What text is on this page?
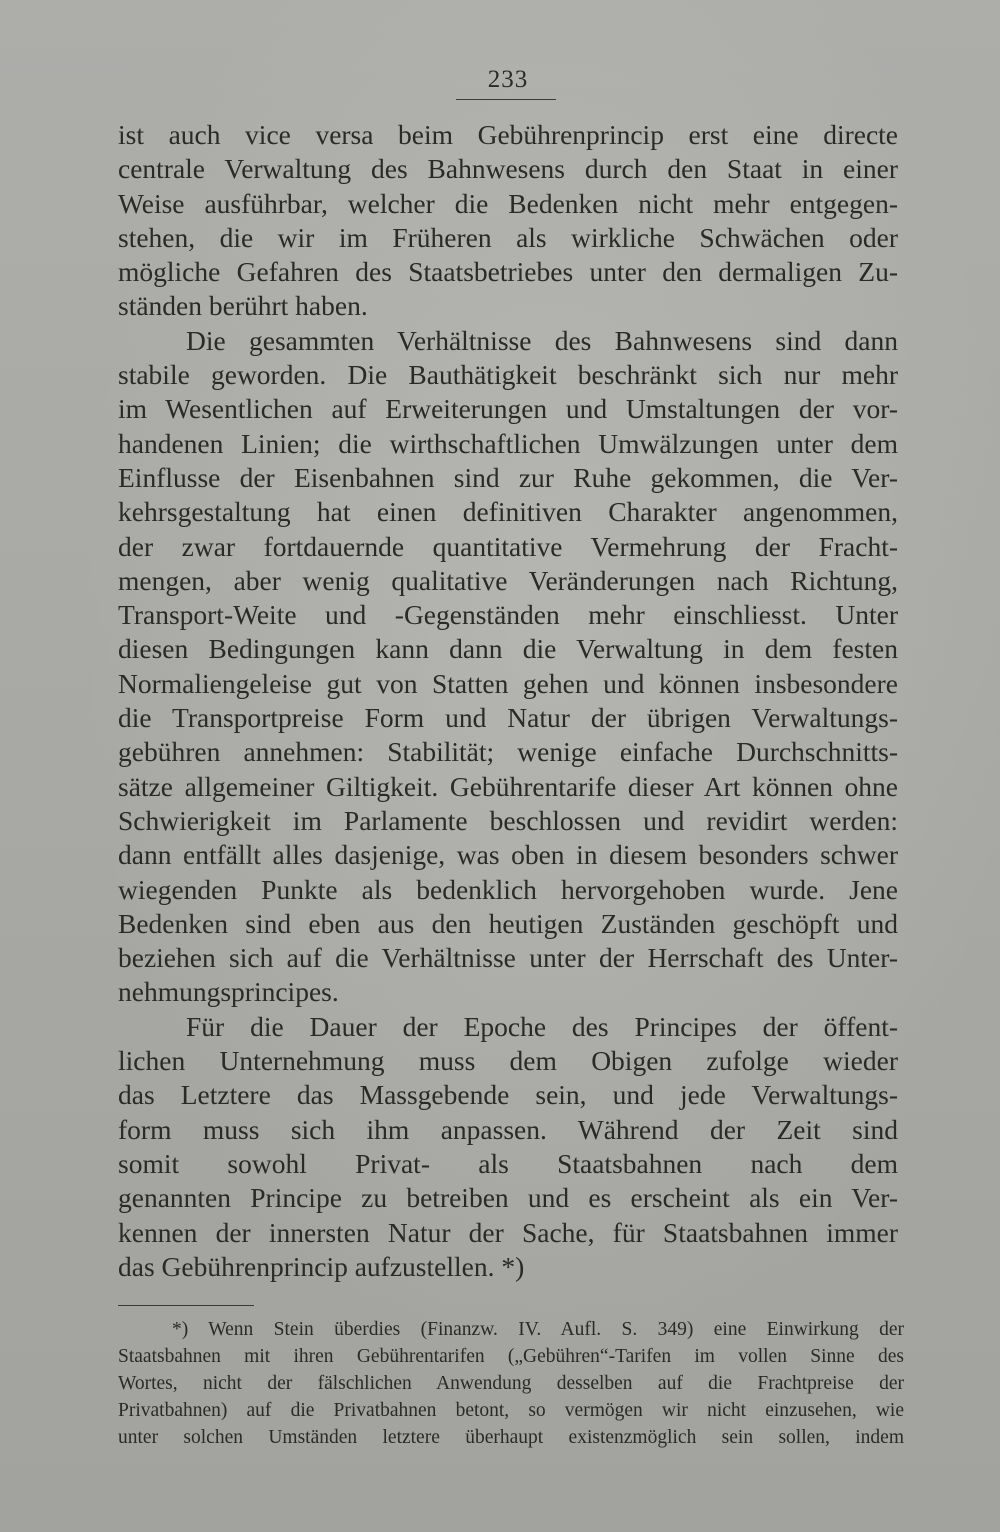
233
ist auch vice versa beim Gebührenprincip erst eine directe
centrale Verwaltung des Bahnwesens durch den Staat in einer
Weise ausführbar, welcher die Bedenken nicht mehr entgegen-
stehen, die wir im Früheren als wirkliche Schwächen oder
mögliche Gefahren des Staatsbetriebes unter den dermaligen Zu-
ständen berührt haben.
Die gesammten Verhältnisse des Bahnwesens sind dann
stabile geworden. Die Bauthätigkeit beschränkt sich nur mehr
im Wesentlichen auf Erweiterungen und Umstaltungen der vor-
handenen Linien; die wirthschaftlichen Umwälzungen unter dem
Einflusse der Eisenbahnen sind zur Ruhe gekommen, die Ver-
kehrsgestaltung hat einen definitiven Charakter angenommen,
der zwar fortdauernde quantitative Vermehrung der Fracht-
mengen, aber wenig qualitative Veränderungen nach Richtung,
Transport-Weite und -Gegenständen mehr einschliesst. Unter
diesen Bedingungen kann dann die Verwaltung in dem festen
Normaliengeleise gut von Statten gehen und können insbesondere
die Transportpreise Form und Natur der übrigen Verwaltungs-
gebühren annehmen: Stabilität; wenige einfache Durchschnitts-
sätze allgemeiner Giltigkeit. Gebührentarife dieser Art können ohne
Schwierigkeit im Parlamente beschlossen und revidirt werden:
dann entfällt alles dasjenige, was oben in diesem besonders schwer
wiegenden Punkte als bedenklich hervorgehoben wurde. Jene
Bedenken sind eben aus den heutigen Zuständen geschöpft und
beziehen sich auf die Verhältnisse unter der Herrschaft des Unter-
nehmungsprincipes.
Für die Dauer der Epoche des Principes der öffent-
lichen Unternehmung muss dem Obigen zufolge wieder
das Letztere das Massgebende sein, und jede Verwaltungs-
form muss sich ihm anpassen. Während der Zeit sind
somit sowohl Privat- als Staatsbahnen nach dem
genannten Principe zu betreiben und es erscheint als ein Ver-
kennen der innersten Natur der Sache, für Staatsbahnen immer
das Gebührenprincip aufzustellen. *)
*) Wenn Stein überdies (Finanzw. IV. Aufl. S. 349) eine Einwirkung der
Staatsbahnen mit ihren Gebührentarifen („Gebühren“-Tarifen im vollen Sinne des
Wortes, nicht der fälschlichen Anwendung desselben auf die Frachtpreise der
Privatbahnen) auf die Privatbahnen betont, so vermögen wir nicht einzusehen, wie
unter solchen Umständen letztere überhaupt existenzmöglich sein sollen, indem
